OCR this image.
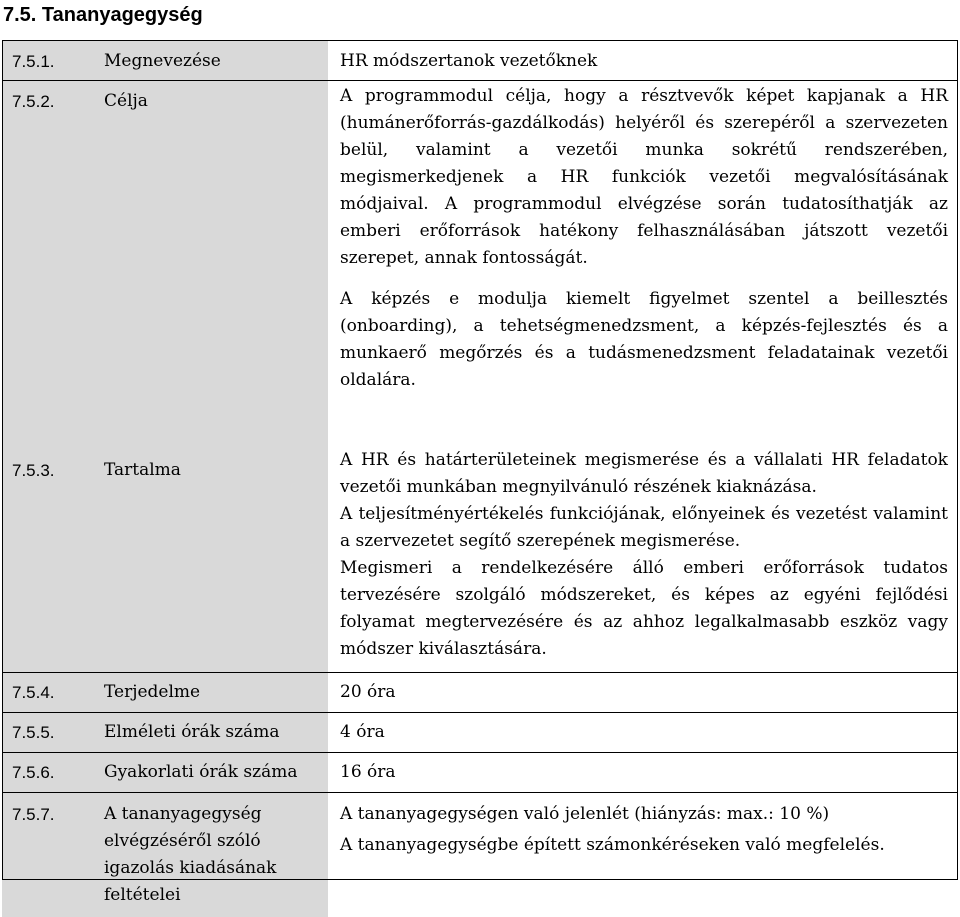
7.5. Tananyagegység
7.5.1.	Megnevezése	HR módszertanok vezetőknek

7.5.2.	Célja	A programmodul célja, hogy a résztvevők képet kapjanak a HR (humánerőforrás-gazdálkodás) helyéről és szerepéről a szervezeten belül, valamint a vezetői munka sokrétű rendszerében, megismerkedjenek a HR funkciók vezetői megvalósításának módjaival. A programmodul elvégzése során tudatosíthatják az emberi erőforrások hatékony felhasználásában játszott vezetői szerepet, annak fontosságát.

A képzés e modulja kiemelt figyelmet szentel a beillesztés (onboarding), a tehetségmenedzsment, a képzés-fejlesztés és a munkaerő megőrzés és a tudásmenedzsment feladatainak vezetői oldalára.

7.5.3.	Tartalma	A HR és határterületeinek megismerése és a vállalati HR feladatok vezetői munkában megnyilvánuló részének kiaknázása.

A teljesítményértékelés funkciójának, előnyeinek és vezetést valamint a szervezetet segítő szerepének megismerése.

Megismeri a rendelkezésére álló emberi erőforrások tudatos tervezésére szolgáló módszereket, és képes az egyéni fejlődési folyamat megtervezésére és az ahhoz legalkalmasabb eszköz vagy módszer kiválasztására.

7.5.4.	Terjedelme	20 óra

7.5.5.	Elméleti órák száma	4 óra

7.5.6.	Gyakorlati órák száma	16 óra

7.5.7.	A tananyagegység elvégzéséről szóló igazolás kiadásának feltételei	A tananyagegységen való jelenlét (hiányzás: max.: 10 %)

A tananyagegységbe épített számonkéréseken való megfelelés.
